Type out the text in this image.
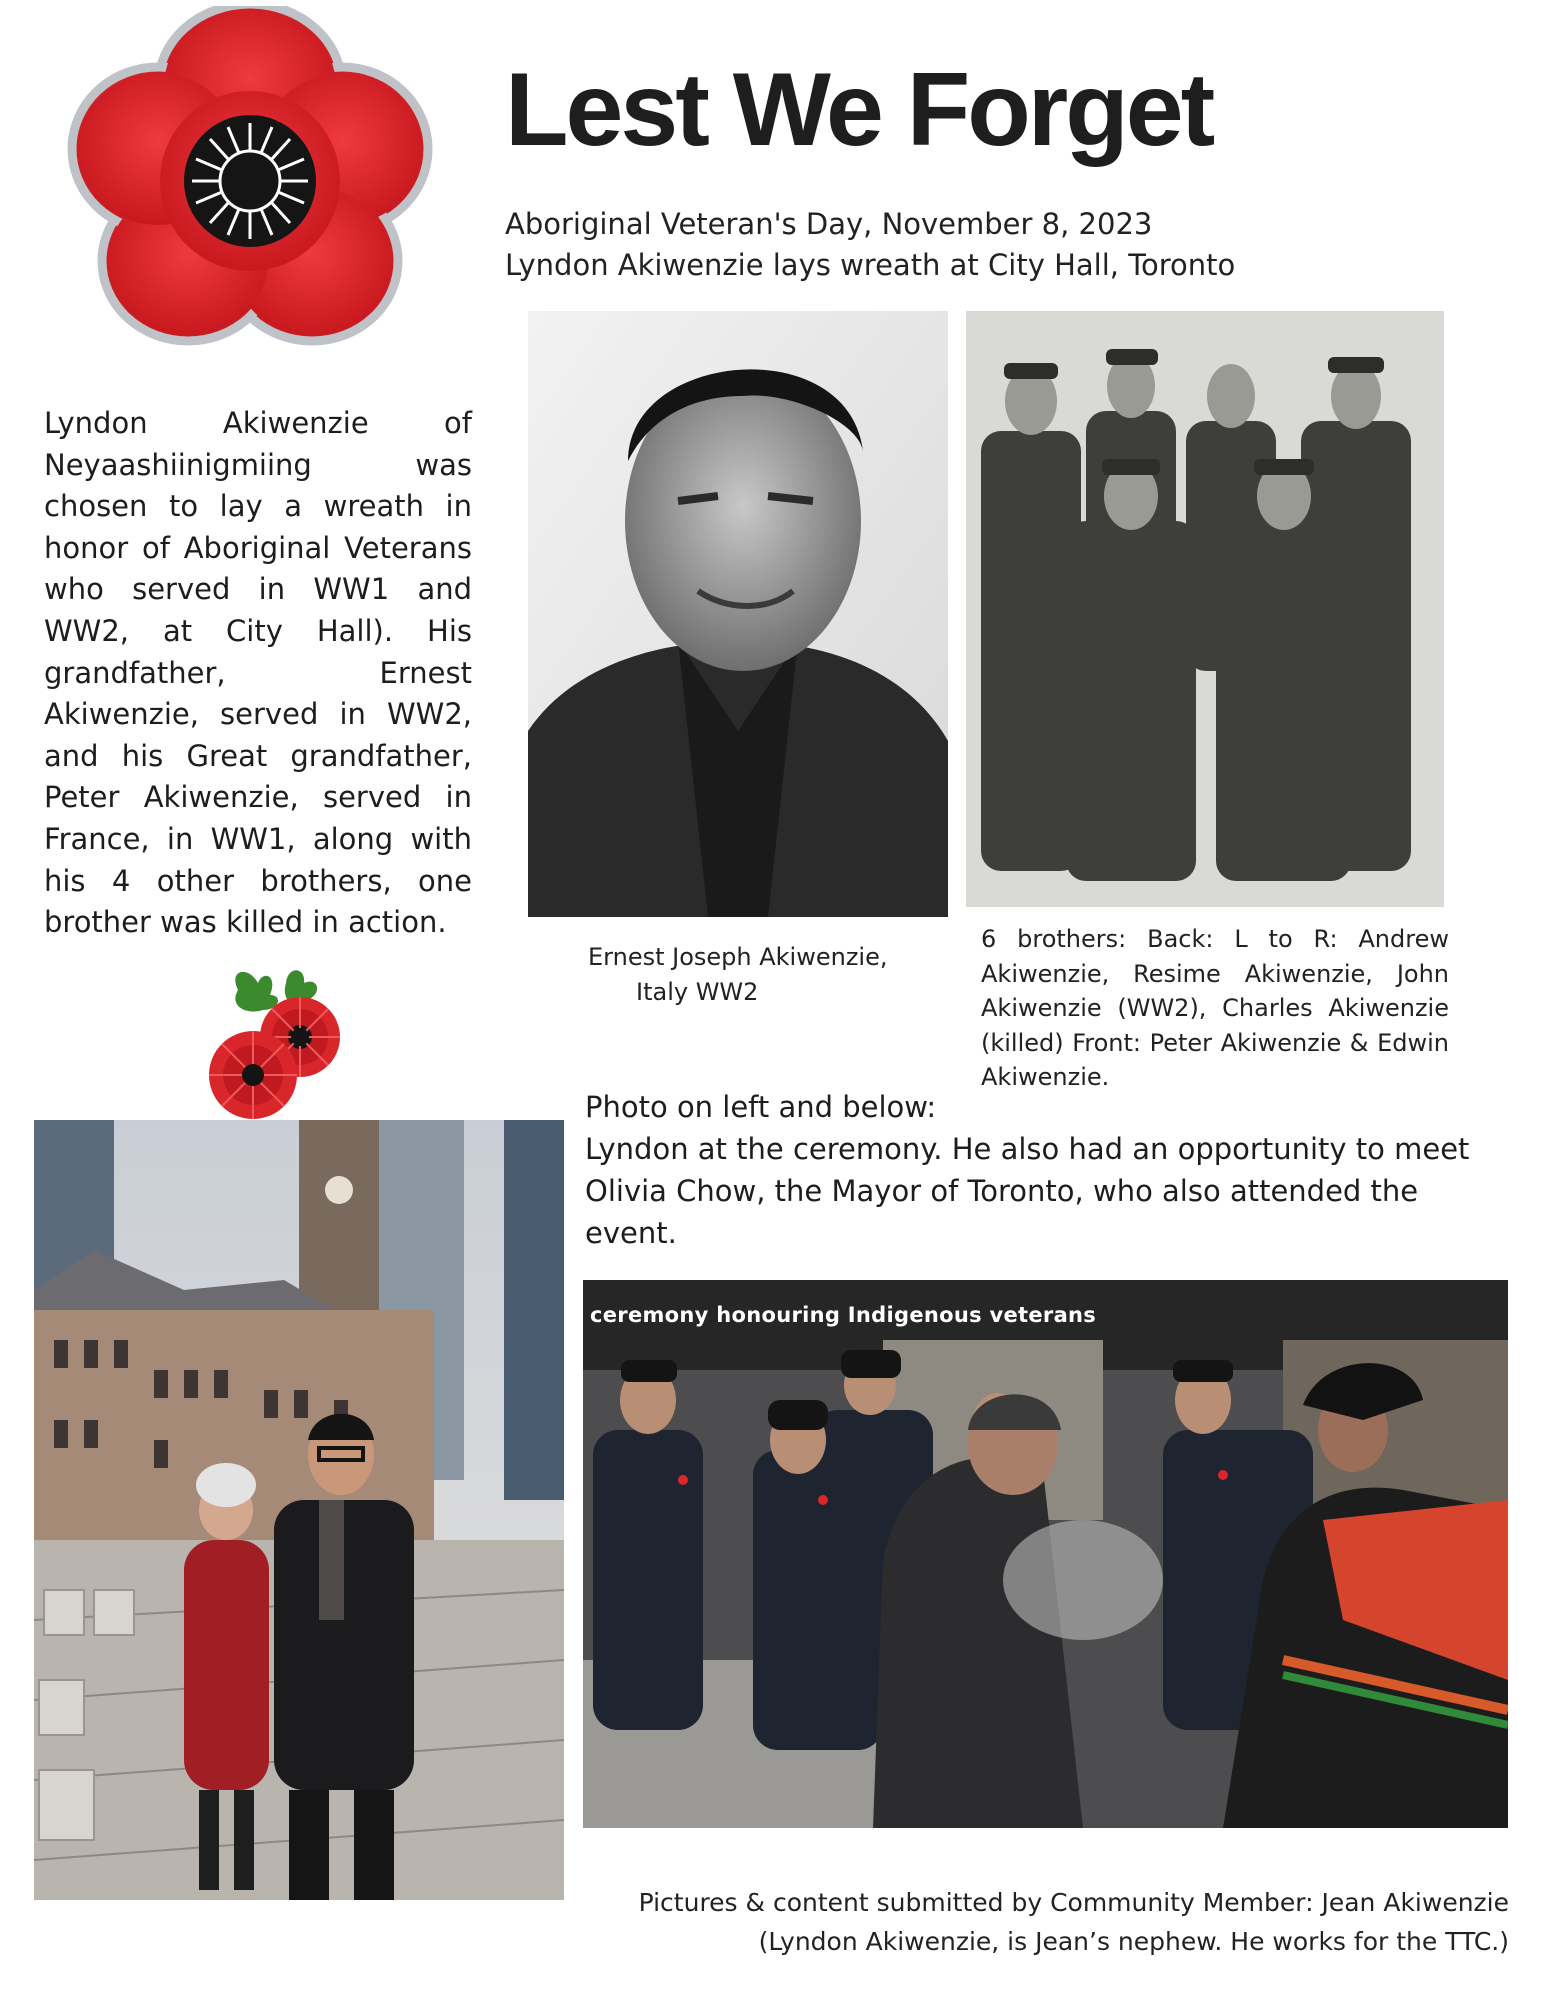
Lest We Forget
Aboriginal Veteran's Day, November 8, 2023
Lyndon Akiwenzie lays wreath at City Hall, Toronto
Lyndon Akiwenzie of Neyaashiinigmiing was chosen to lay a wreath in honor of Aboriginal Veterans who served in WW1 and WW2, at City Hall). His grandfather, Ernest Akiwenzie, served in WW2, and his Great grandfather, Peter Akiwenzie, served in France, in WW1, along with his 4 other brothers, one brother was killed in action.
Ernest Joseph Akiwenzie,
Italy WW2
6 brothers: Back: L to R: Andrew Akiwenzie, Resime Akiwenzie, John Akiwenzie (WW2), Charles Akiwenzie (killed) Front: Peter Akiwenzie & Edwin Akiwenzie.
Photo on left and below:
Lyndon at the ceremony. He also had an opportunity to meet Olivia Chow, the Mayor of Toronto, who also attended the event.
ceremony honouring Indigenous veterans
Pictures & content submitted by Community Member: Jean Akiwenzie
(Lyndon Akiwenzie, is Jean’s nephew. He works for the TTC.)
